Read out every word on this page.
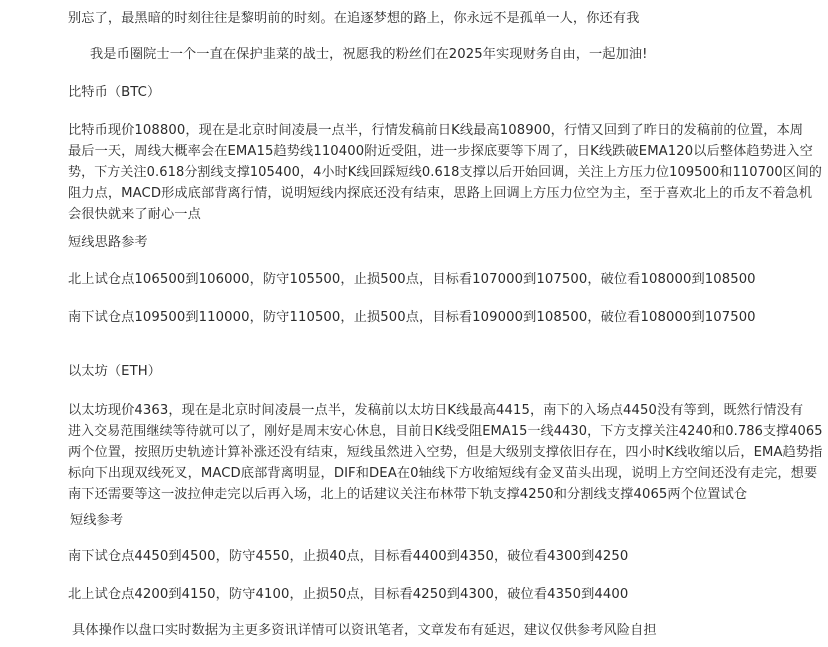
别忘了，最黑暗的时刻往往是黎明前的时刻。在追逐梦想的路上，你永远不是孤单一人，你还有我
我是币圈院士一个一直在保护韭菜的战士，祝愿我的粉丝们在2025年实现财务自由，一起加油!
比特币（BTC）
比特币现价108800，现在是北京时间凌晨一点半，行情发稿前日K线最高108900，行情又回到了昨日的发稿前的位置，本周
最后一天，周线大概率会在EMA15趋势线110400附近受阻，进一步探底要等下周了，日K线跌破EMA120以后整体趋势进入空
势，下方关注0.618分割线支撑105400，4小时K线回踩短线0.618支撑以后开始回调，关注上方压力位109500和110700区间的
阻力点，MACD形成底部背离行情，说明短线内探底还没有结束，思路上回调上方压力位空为主，至于喜欢北上的币友不着急机
会很快就来了耐心一点
短线思路参考
北上试仓点106500到106000，防守105500，止损500点，目标看107000到107500，破位看108000到108500
南下试仓点109500到110000，防守110500，止损500点，目标看109000到108500，破位看108000到107500
以太坊（ETH）
以太坊现价4363，现在是北京时间凌晨一点半，发稿前以太坊日K线最高4415，南下的入场点4450没有等到，既然行情没有
进入交易范围继续等待就可以了，刚好是周末安心休息，目前日K线受阻EMA15一线4430，下方支撑关注4240和0.786支撑4065
两个位置，按照历史轨迹计算补涨还没有结束，短线虽然进入空势，但是大级别支撑依旧存在，四小时K线收缩以后，EMA趋势指
标向下出现双线死叉，MACD底部背离明显，DIF和DEA在0轴线下方收缩短线有金叉苗头出现，说明上方空间还没有走完，想要
南下还需要等这一波拉伸走完以后再入场，北上的话建议关注布林带下轨支撑4250和分割线支撑4065两个位置试仓
短线参考
南下试仓点4450到4500，防守4550，止损40点，目标看4400到4350，破位看4300到4250
北上试仓点4200到4150，防守4100，止损50点，目标看4250到4300，破位看4350到4400
具体操作以盘口实时数据为主更多资讯详情可以资讯笔者，文章发布有延迟，建议仅供参考风险自担
